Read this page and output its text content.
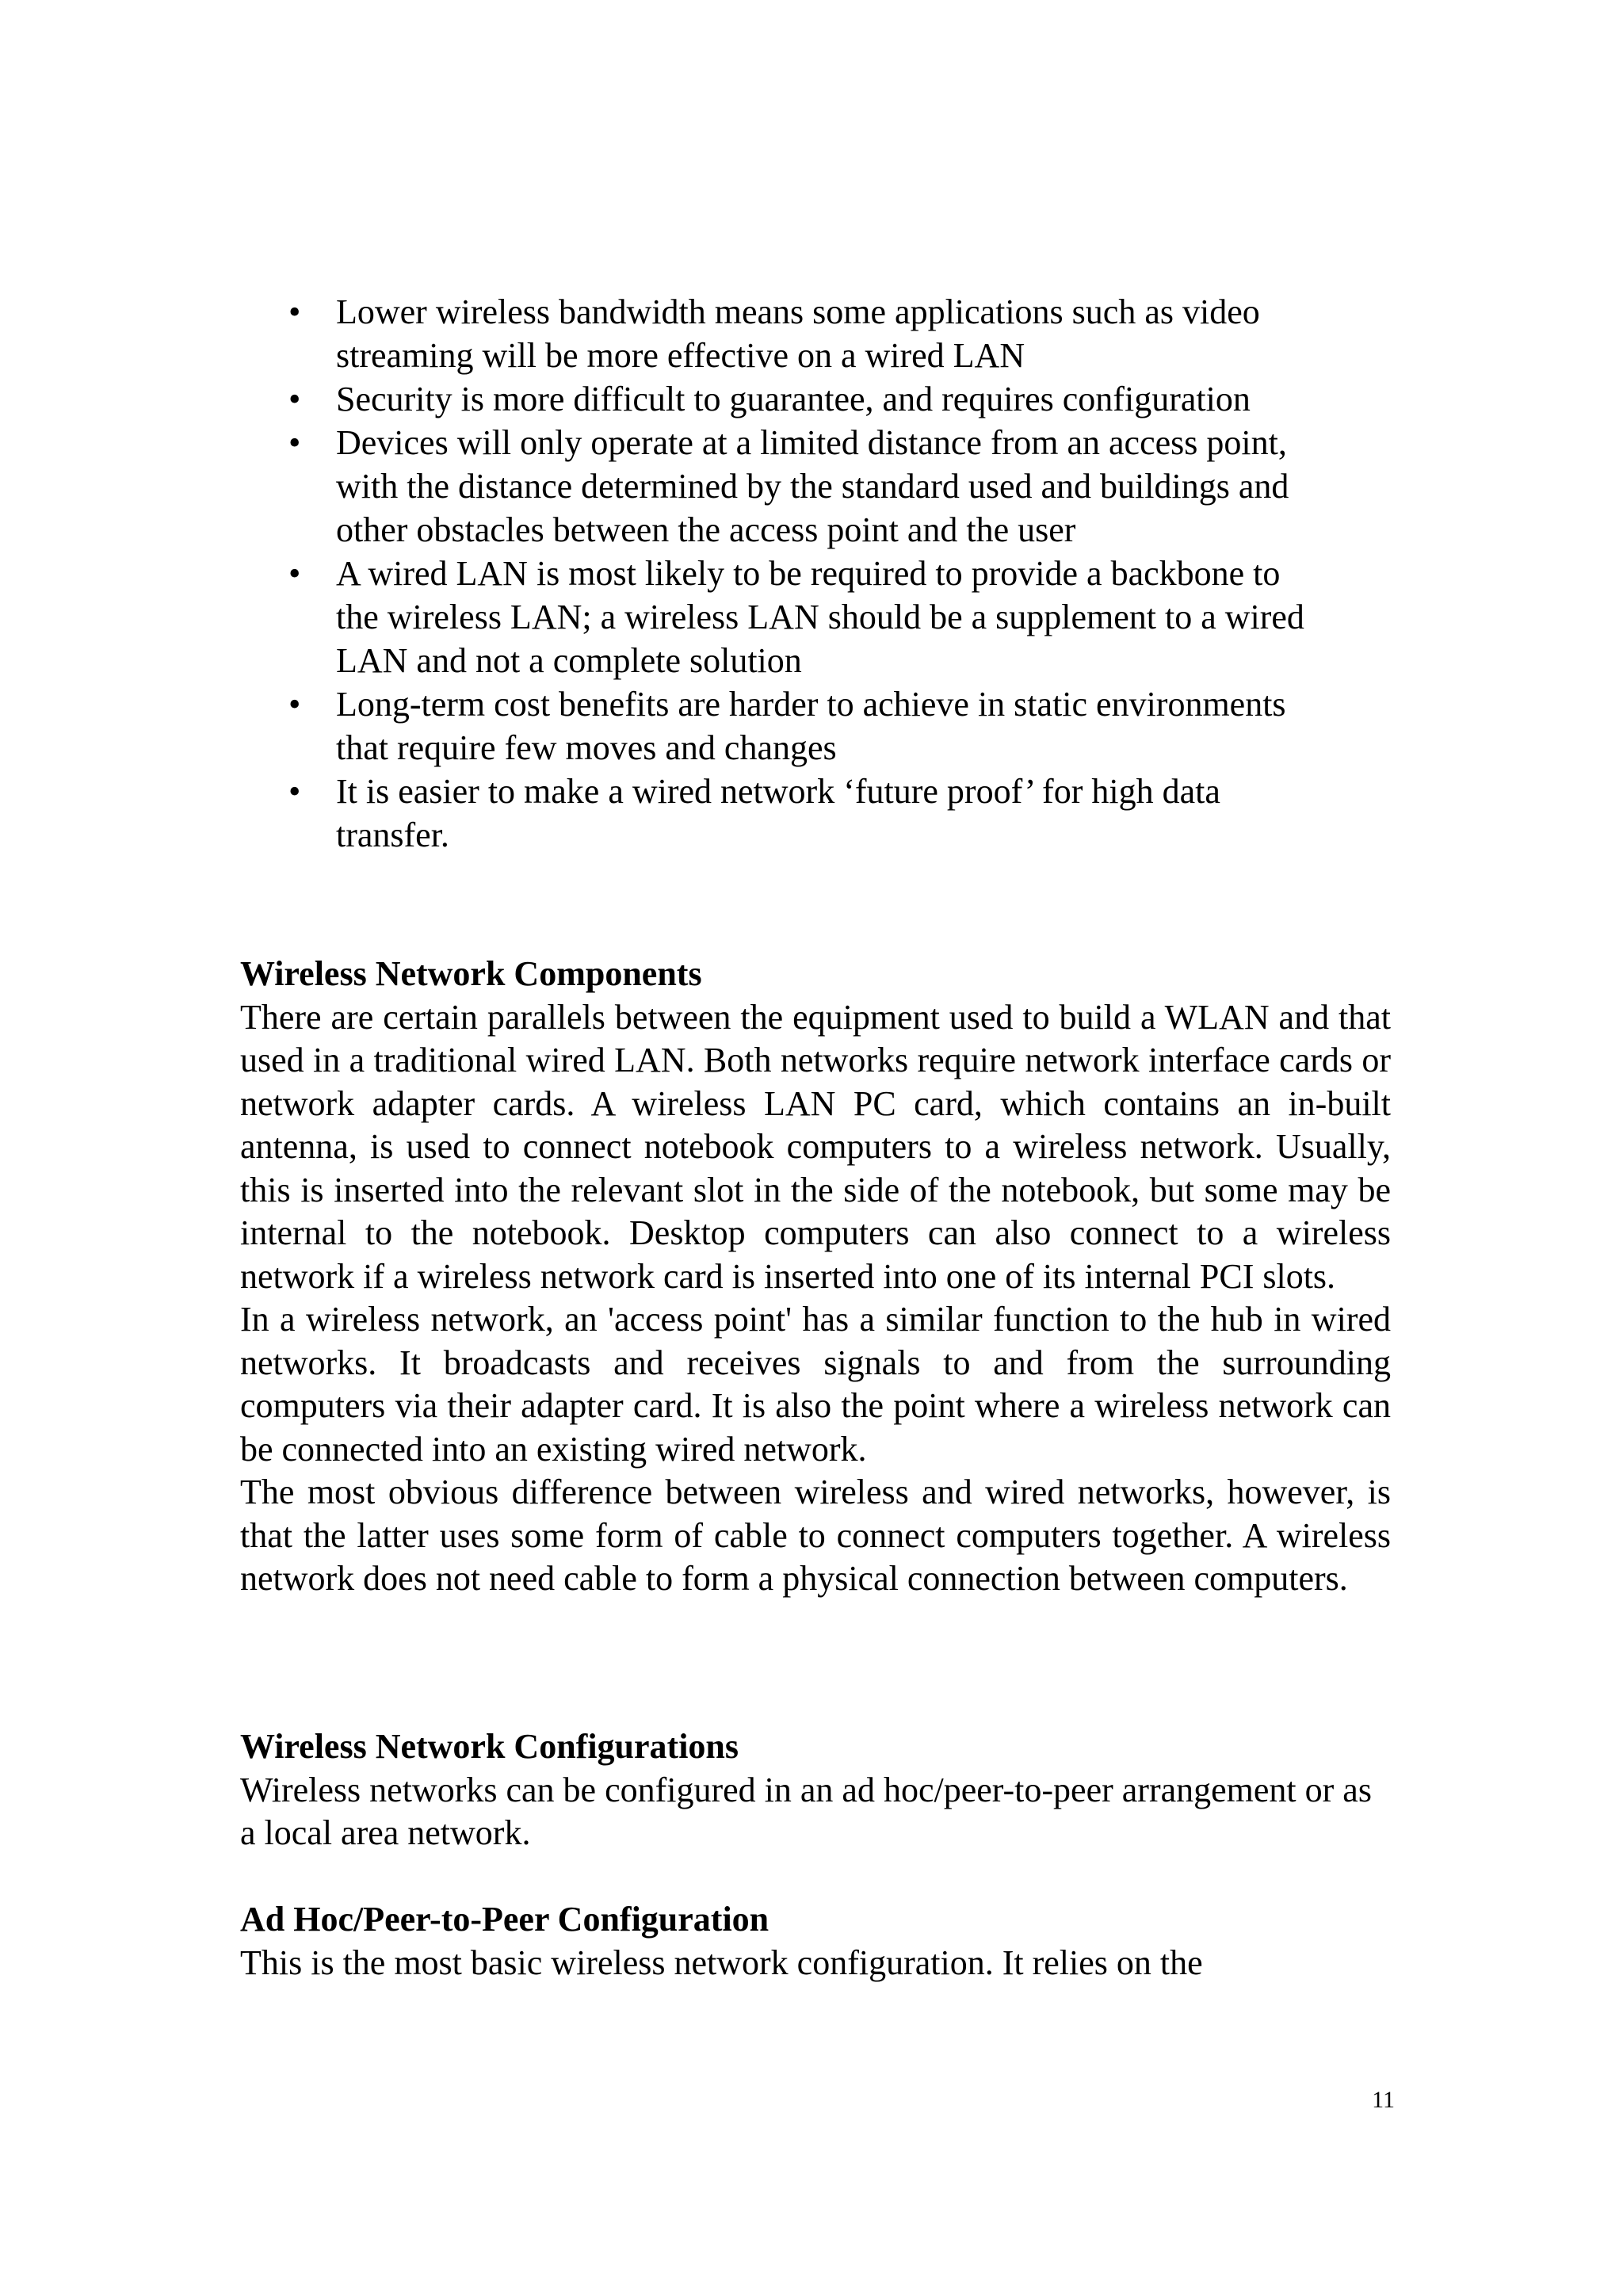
•	Lower wireless bandwidth means some applications such as video
streaming will be more effective on a wired LAN
•	Security is more difficult to guarantee, and requires configuration
•	Devices will only operate at a limited distance from an access point,
with the distance determined by the standard used and buildings and
other obstacles between the access point and the user
•	A wired LAN is most likely to be required to provide a backbone to
the wireless LAN; a wireless LAN should be a supplement to a wired
LAN and not a complete solution
•	Long-term cost benefits are harder to achieve in static environments
that require few moves and changes
•	It is easier to make a wired network ‘future proof’ for high data
transfer.

Wireless Network Components

There are certain parallels between the equipment used to build a WLAN and that used in a traditional wired LAN. Both networks require network interface cards or network adapter cards. A wireless LAN PC card, which contains an in-built antenna, is used to connect notebook computers to a wireless network. Usually, this is inserted into the relevant slot in the side of the notebook, but some may be internal to the notebook. Desktop computers can also connect to a wireless network if a wireless network card is inserted into one of its internal PCI slots.

In a wireless network, an 'access point' has a similar function to the hub in wired networks. It broadcasts and receives signals to and from the surrounding computers via their adapter card. It is also the point where a wireless network can be connected into an existing wired network.

The most obvious difference between wireless and wired networks, however, is that the latter uses some form of cable to connect computers together. A wireless network does not need cable to form a physical connection between computers.

Wireless Network Configurations

Wireless networks can be configured in an ad hoc/peer-to-peer arrangement or as a local area network.

Ad Hoc/Peer-to-Peer Configuration

This is the most basic wireless network configuration. It relies on the

11
